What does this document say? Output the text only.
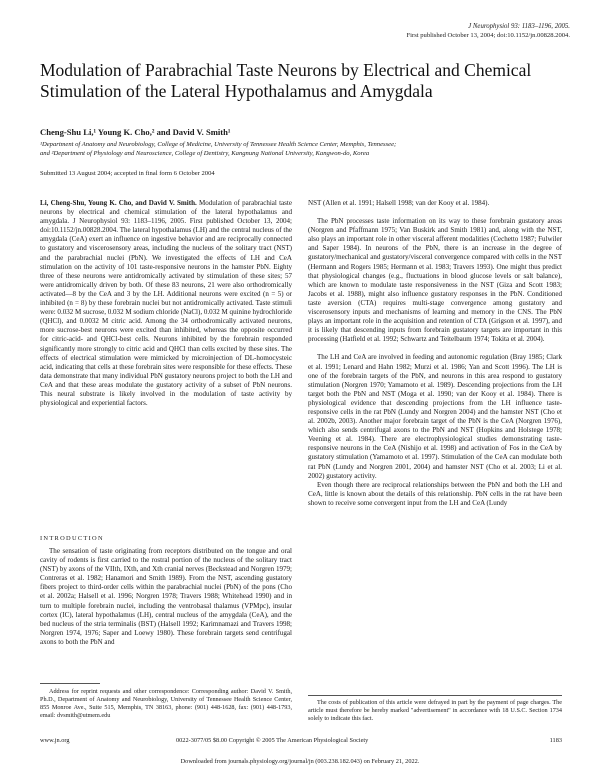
J Neurophysiol 93: 1183–1196, 2005.
First published October 13, 2004; doi:10.1152/jn.00828.2004.
Modulation of Parabrachial Taste Neurons by Electrical and Chemical
Stimulation of the Lateral Hypothalamus and Amygdala
Cheng-Shu Li,¹ Young K. Cho,² and David V. Smith¹
¹Department of Anatomy and Neurobiology, College of Medicine, University of Tennessee Health Science Center, Memphis, Tennessee;
and ²Department of Physiology and Neuroscience, College of Dentistry, Kangnung National University, Kangwon-do, Korea
Submitted 13 August 2004; accepted in final form 6 October 2004

Li, Cheng-Shu, Young K. Cho, and David V. Smith. Modulation of parabrachial taste neurons by electrical and chemical stimulation of the lateral hypothalamus and amygdala. J Neurophysiol 93: 1183–1196, 2005. First published October 13, 2004; doi:10.1152/jn.00828.2004. The lateral hypothalamus (LH) and the central nucleus of the amygdala (CeA) exert an influence on ingestive behavior and are reciprocally connected to gustatory and viscerosensory areas, including the nucleus of the solitary tract (NST) and the parabrachial nuclei (PbN). We investigated the effects of LH and CeA stimulation on the activity of 101 taste-responsive neurons in the hamster PbN. Eighty three of these neurons were antidromically activated by stimulation of these sites; 57 were antidromically driven by both. Of these 83 neurons, 21 were also orthodromically activated—8 by the CeA and 3 by the LH. Additional neurons were excited (n = 5) or inhibited (n = 8) by these forebrain nuclei but not antidromically activated. Taste stimuli were: 0.032 M sucrose, 0.032 M sodium chloride (NaCl), 0.032 M quinine hydrochloride (QHCl), and 0.0032 M citric acid. Among the 34 orthodromically activated neurons, more sucrose-best neurons were excited than inhibited, whereas the opposite occurred for citric-acid- and QHCl-best cells. Neurons inhibited by the forebrain responded significantly more strongly to citric acid and QHCl than cells excited by these sites. The effects of electrical stimulation were mimicked by microinjection of DL-homocysteic acid, indicating that cells at these forebrain sites were responsible for these effects. These data demonstrate that many individual PbN gustatory neurons project to both the LH and CeA and that these areas modulate the gustatory activity of a subset of PbN neurons. This neural substrate is likely involved in the modulation of taste activity by physiological and experiential factors.

INTRODUCTION

The sensation of taste originating from receptors distributed on the tongue and oral cavity of rodents is first carried to the rostral portion of the nucleus of the solitary tract (NST) by axons of the VIIth, IXth, and Xth cranial nerves (Beckstead and Norgren 1979; Contreras et al. 1982; Hanamori and Smith 1989). From the NST, ascending gustatory fibers project to third-order cells within the parabrachial nuclei (PbN) of the pons (Cho et al. 2002a; Halsell et al. 1996; Norgren 1978; Travers 1988; Whitehead 1990) and in turn to multiple forebrain nuclei, including the ventrobasal thalamus (VPMpc), insular cortex (IC), lateral hypothalamus (LH), central nucleus of the amygdala (CeA), and the bed nucleus of the stria terminalis (BST) (Halsell 1992; Karimnamazi and Travers 1998; Norgren 1974, 1976; Saper and Loewy 1980). These forebrain targets send centrifugal axons to both the PbN and

Address for reprint requests and other correspondence: Corresponding author: David V. Smith, Ph.D., Department of Anatomy and Neurobiology, University of Tennessee Health Science Center, 855 Monroe Ave., Suite 515, Memphis, TN 38163, phone: (901) 448-1628, fax: (901) 448-1793, email: dvsmith@utmem.edu

NST (Allen et al. 1991; Halsell 1998; van der Kooy et al. 1984).

The PbN processes taste information on its way to these forebrain gustatory areas (Norgren and Pfaffmann 1975; Van Buskirk and Smith 1981) and, along with the NST, also plays an important role in other visceral afferent modalities (Cechetto 1987; Fulwiler and Saper 1984). In neurons of the PbN, there is an increase in the degree of gustatory/mechanical and gustatory/visceral convergence compared with cells in the NST (Hermann and Rogers 1985; Hermann et al. 1983; Travers 1993). One might thus predict that physiological changes (e.g., fluctuations in blood glucose levels or salt balance), which are known to modulate taste responsiveness in the NST (Giza and Scott 1983; Jacobs et al. 1988), might also influence gustatory responses in the PbN. Conditioned taste aversion (CTA) requires multi-stage convergence among gustatory and viscerosensory inputs and mechanisms of learning and memory in the CNS. The PbN plays an important role in the acquisition and retention of CTA (Grigson et al. 1997), and it is likely that descending inputs from forebrain gustatory targets are important in this processing (Hatfield et al. 1992; Schwartz and Teitelbaum 1974; Tokita et al. 2004).

The LH and CeA are involved in feeding and autonomic regulation (Bray 1985; Clark et al. 1991; Lenard and Hahn 1982; Murzi et al. 1986; Yan and Scott 1996). The LH is one of the forebrain targets of the PbN, and neurons in this area respond to gustatory stimulation (Norgren 1970; Yamamoto et al. 1989). Descending projections from the LH target both the PbN and NST (Moga et al. 1990; van der Kooy et al. 1984). There is physiological evidence that descending projections from the LH influence taste-responsive cells in the rat PbN (Lundy and Norgren 2004) and the hamster NST (Cho et al. 2002b, 2003). Another major forebrain target of the PbN is the CeA (Norgren 1976), which also sends centrifugal axons to the PbN and NST (Hopkins and Holstege 1978; Veening et al. 1984). There are electrophysiological studies demonstrating taste-responsive neurons in the CeA (Nishijo et al. 1998) and activation of Fos in the CeA by gustatory stimulation (Yamamoto et al. 1997). Stimulation of the CeA can modulate both rat PbN (Lundy and Norgren 2001, 2004) and hamster NST (Cho et al. 2003; Li et al. 2002) gustatory activity.

Even though there are reciprocal relationships between the PbN and both the LH and CeA, little is known about the details of this relationship. PbN cells in the rat have been shown to receive some convergent input from the LH and CeA (Lundy

The costs of publication of this article were defrayed in part by the payment of page charges. The article must therefore be hereby marked "advertisement" in accordance with 18 U.S.C. Section 1734 solely to indicate this fact.
www.jn.org	0022-3077/05 $8.00 Copyright © 2005 The American Physiological Society	1183
Downloaded from journals.physiology.org/journal/jn (003.238.182.043) on February 21, 2022.
